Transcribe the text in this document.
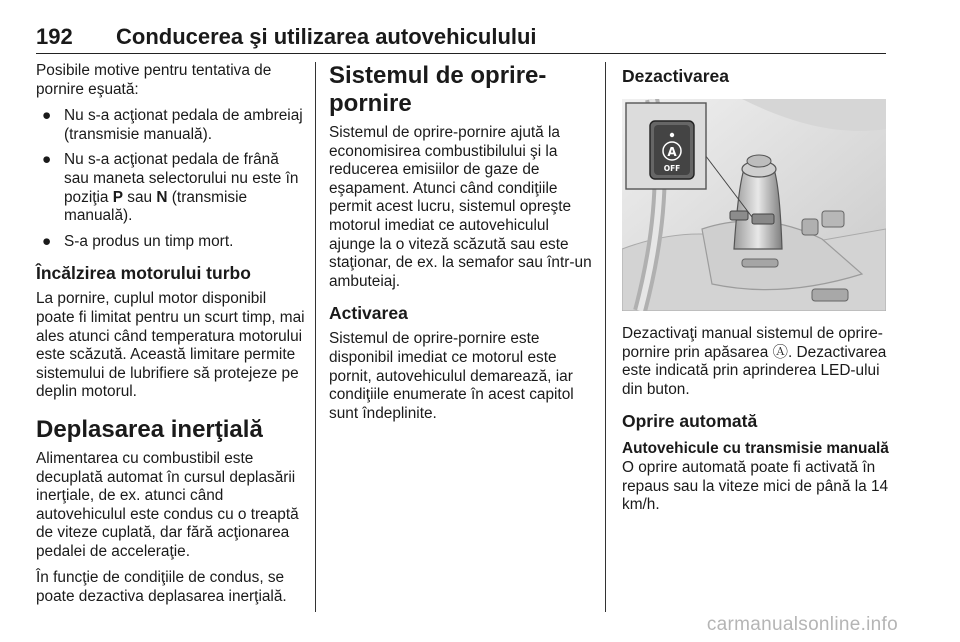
192 Conducerea şi utilizarea autovehiculului

Posibile motive pentru tentativa de pornire eşuată:

● Nu s-a acţionat pedala de ambreiaj (transmisie manuală).
● Nu s-a acţionat pedala de frână sau maneta selectorului nu este în poziţia P sau N (transmisie manuală).
● S-a produs un timp mort.
Încălzirea motorului turbo

La pornire, cuplul motor disponibil poate fi limitat pentru un scurt timp, mai ales atunci când temperatura motorului este scăzută. Această limitare permite sistemului de lubrifiere să protejeze pe deplin motorul.

Deplasarea inerţială

Alimentarea cu combustibil este decuplată automat în cursul deplasării inerţiale, de ex. atunci când autovehiculul este condus cu o treaptă de viteze cuplată, dar fără acţionarea pedalei de acceleraţie.

În funcţie de condiţiile de condus, se poate dezactiva deplasarea inerţială.

Sistemul de oprire-pornire

Sistemul de oprire-pornire ajută la economisirea combustibilului şi la reducerea emisiilor de gaze de eşapament. Atunci când condiţiile permit acest lucru, sistemul opreşte motorul imediat ce autovehiculul ajunge la o viteză scăzută sau este staţionar, de ex. la semafor sau într-un ambuteiaj.

Activarea

Sistemul de oprire-pornire este disponibil imediat ce motorul este pornit, autovehiculul demarează, iar condiţiile enumerate în acest capitol sunt îndeplinite.

Dezactivarea
A
OFF

Dezactivaţi manual sistemul de oprire-pornire prin apăsarea Ⓐ. Dezactivarea este indicată prin aprinderea LED-ului din buton.

Oprire automată
Autovehicule cu transmisie manuală

O oprire automată poate fi activată în repaus sau la viteze mici de până la 14 km/h.

carmanualsonline.info
